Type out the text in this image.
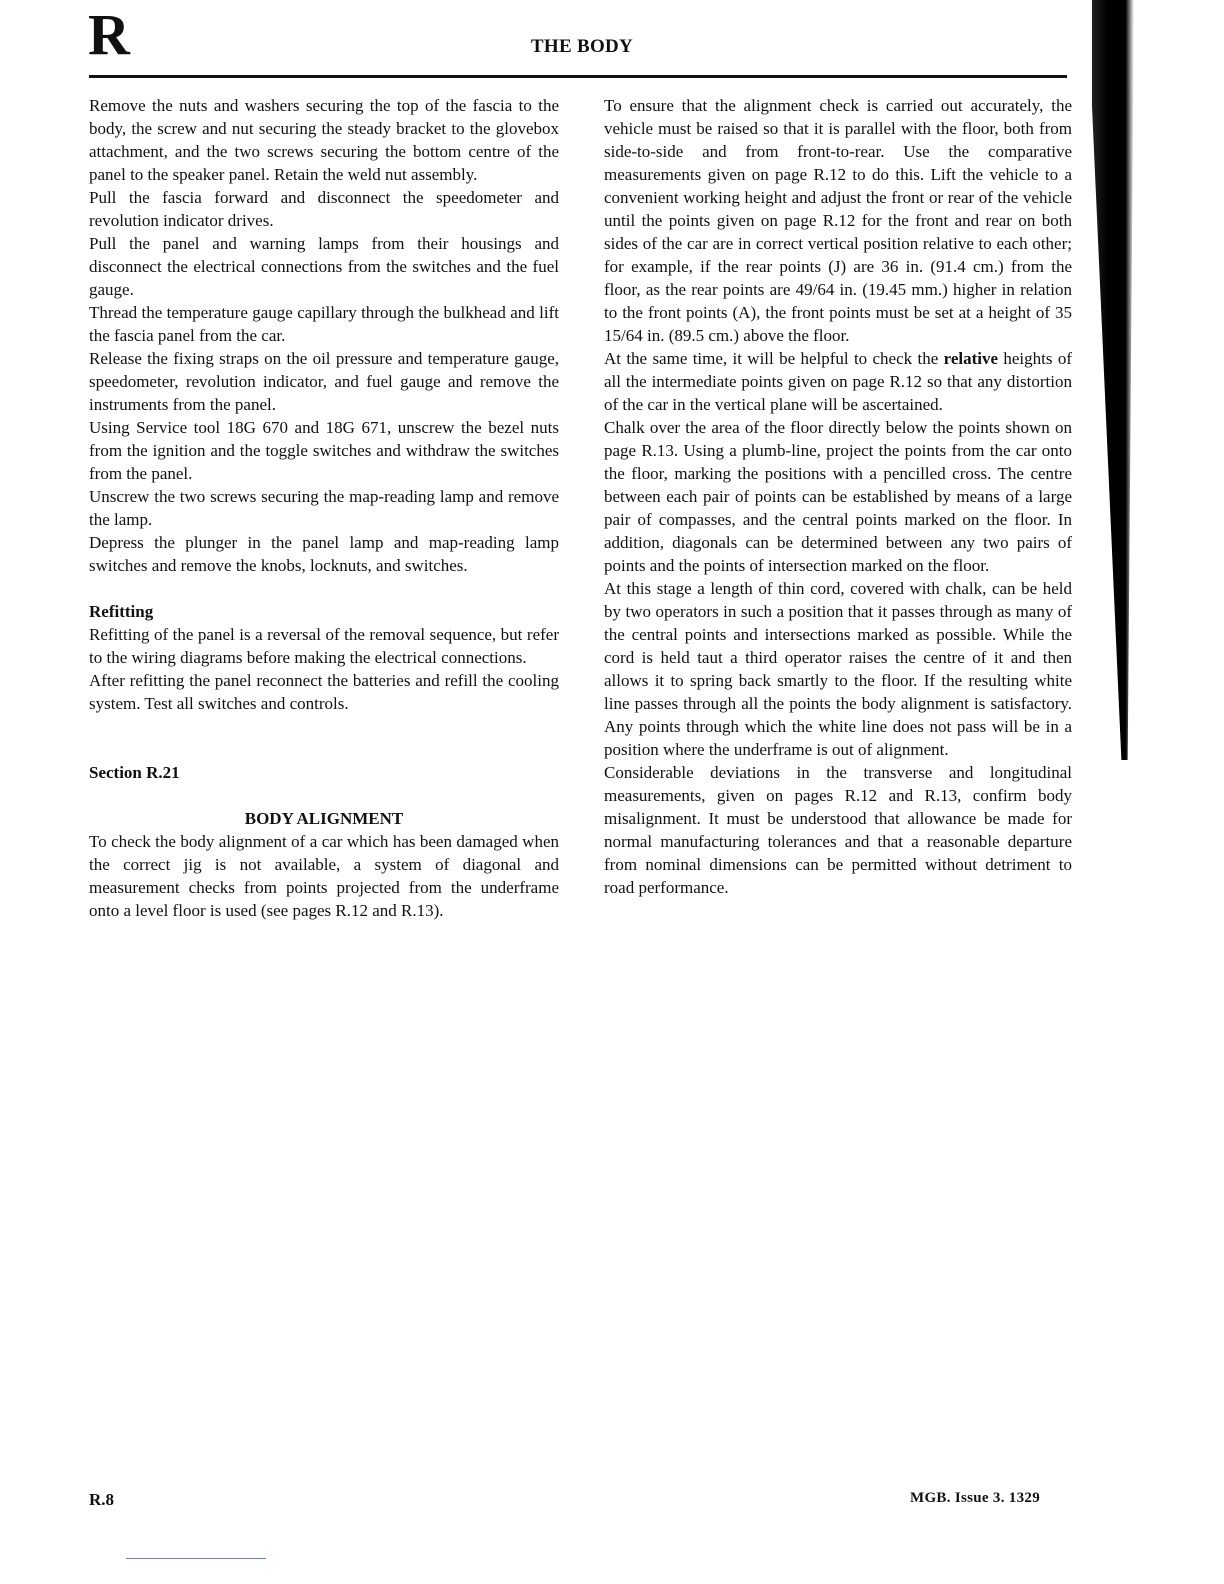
R	THE BODY

Remove the nuts and washers securing the top of the fascia to the body, the screw and nut securing the steady bracket to the glovebox attachment, and the two screws securing the bottom centre of the panel to the speaker panel. Retain the weld nut assembly.

Pull the fascia forward and disconnect the speedometer and revolution indicator drives.

Pull the panel and warning lamps from their housings and disconnect the electrical connections from the switches and the fuel gauge.

Thread the temperature gauge capillary through the bulkhead and lift the fascia panel from the car.

Release the fixing straps on the oil pressure and temperature gauge, speedometer, revolution indicator, and fuel gauge and remove the instruments from the panel.

Using Service tool 18G 670 and 18G 671, unscrew the bezel nuts from the ignition and the toggle switches and withdraw the switches from the panel.

Unscrew the two screws securing the map-reading lamp and remove the lamp.

Depress the plunger in the panel lamp and map-reading lamp switches and remove the knobs, locknuts, and switches.

Refitting

Refitting of the panel is a reversal of the removal sequence, but refer to the wiring diagrams before making the electrical connections.

After refitting the panel reconnect the batteries and refill the cooling system. Test all switches and controls.

Section R.21

BODY ALIGNMENT

To check the body alignment of a car which has been damaged when the correct jig is not available, a system of diagonal and measurement checks from points projected from the underframe onto a level floor is used (see pages R.12 and R.13).

To ensure that the alignment check is carried out accurately, the vehicle must be raised so that it is parallel with the floor, both from side-to-side and from front-to-rear. Use the comparative measurements given on page R.12 to do this. Lift the vehicle to a convenient working height and adjust the front or rear of the vehicle until the points given on page R.12 for the front and rear on both sides of the car are in correct vertical position relative to each other; for example, if the rear points (J) are 36 in. (91.4 cm.) from the floor, as the rear points are 49/64 in. (19.45 mm.) higher in relation to the front points (A), the front points must be set at a height of 35 15/64 in. (89.5 cm.) above the floor.

At the same time, it will be helpful to check the relative heights of all the intermediate points given on page R.12 so that any distortion of the car in the vertical plane will be ascertained.

Chalk over the area of the floor directly below the points shown on page R.13. Using a plumb-line, project the points from the car onto the floor, marking the positions with a pencilled cross. The centre between each pair of points can be established by means of a large pair of compasses, and the central points marked on the floor. In addition, diagonals can be determined between any two pairs of points and the points of intersection marked on the floor.

At this stage a length of thin cord, covered with chalk, can be held by two operators in such a position that it passes through as many of the central points and intersections marked as possible. While the cord is held taut a third operator raises the centre of it and then allows it to spring back smartly to the floor. If the resulting white line passes through all the points the body alignment is satisfactory. Any points through which the white line does not pass will be in a position where the underframe is out of alignment.

Considerable deviations in the transverse and longitudinal measurements, given on pages R.12 and R.13, confirm body misalignment. It must be understood that allowance be made for normal manufacturing tolerances and that a reasonable departure from nominal dimensions can be permitted without detriment to road performance.

R.8	MGB. Issue 3. 1329
